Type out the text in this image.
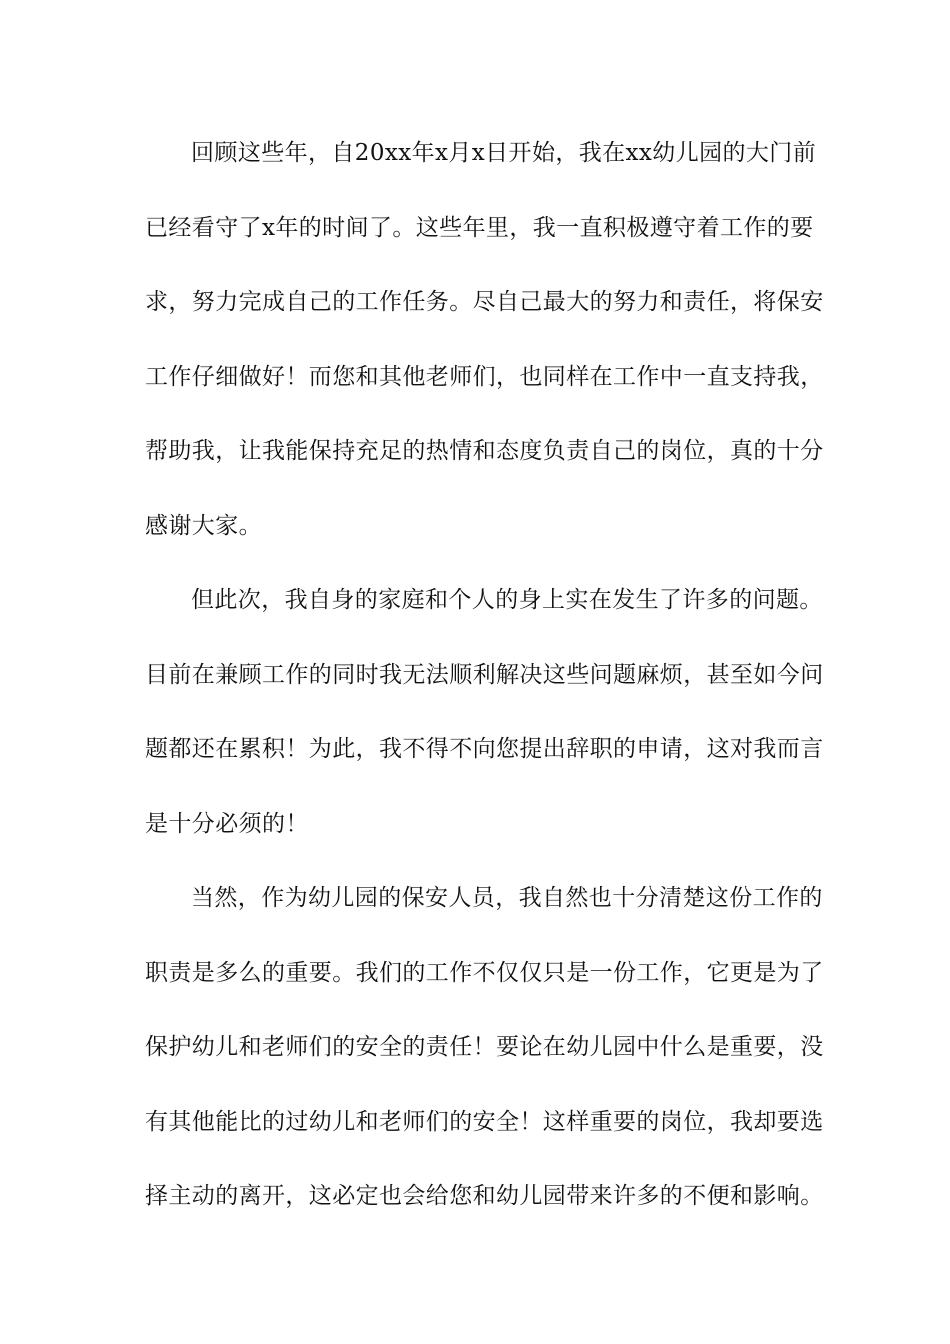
回顾这些年，自20xx年x月x日开始，我在xx幼儿园的大门前
已经看守了x年的时间了。这些年里，我一直积极遵守着工作的要
求，努力完成自己的工作任务。尽自己最大的努力和责任，将保安
工作仔细做好！而您和其他老师们，也同样在工作中一直支持我，
帮助我，让我能保持充足的热情和态度负责自己的岗位，真的十分
感谢大家。
但此次，我自身的家庭和个人的身上实在发生了许多的问题。
目前在兼顾工作的同时我无法顺利解决这些问题麻烦，甚至如今问
题都还在累积！为此，我不得不向您提出辞职的申请，这对我而言
是十分必须的！
当然，作为幼儿园的保安人员，我自然也十分清楚这份工作的
职责是多么的重要。我们的工作不仅仅只是一份工作，它更是为了
保护幼儿和老师们的安全的责任！要论在幼儿园中什么是重要，没
有其他能比的过幼儿和老师们的安全！这样重要的岗位，我却要选
择主动的离开，这必定也会给您和幼儿园带来许多的不便和影响。
